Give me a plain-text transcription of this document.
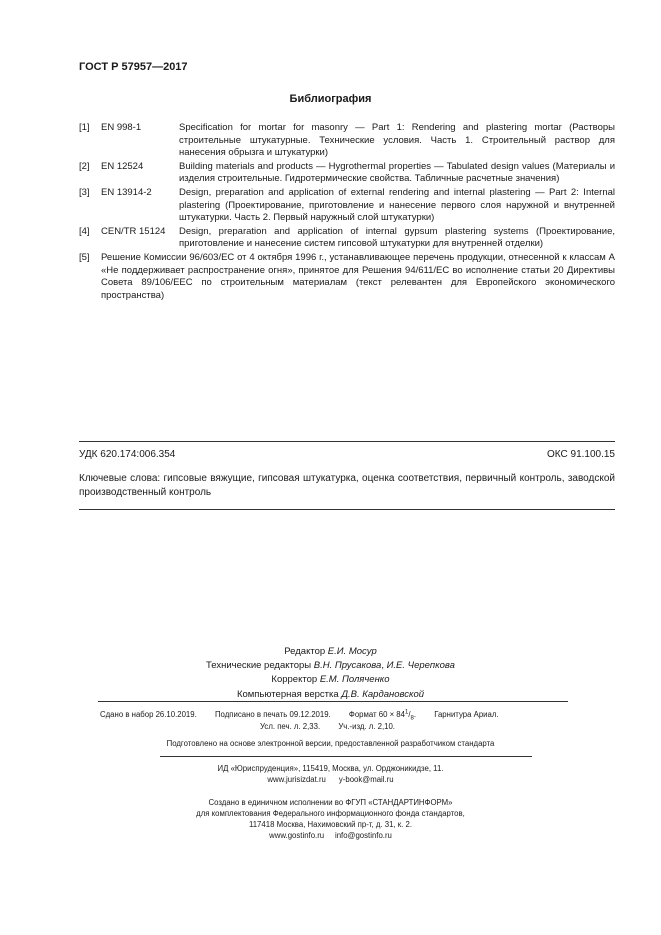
ГОСТ Р 57957—2017
Библиография
[1] EN 998-1	Specification for mortar for masonry — Part 1: Rendering and plastering mortar (Растворы строительные штукатурные. Технические условия. Часть 1. Строительный раствор для нанесения обрызга и штукатурки)
[2] EN 12524	Building materials and products — Hygrothermal properties — Tabulated design values (Материалы и изделия строительные. Гидротермические свойства. Табличные расчетные значения)
[3] EN 13914-2	Design, preparation and application of external rendering and internal plastering — Part 2: Internal plastering (Проектирование, приготовление и нанесение первого слоя наружной и внутренней штукатурки. Часть 2. Первый наружный слой штукатурки)
[4] CEN/TR 15124 Design, preparation and application of internal gypsum plastering systems (Проектирование, приготовление и нанесение систем гипсовой штукатурки для внутренней отделки)
[5] Решение Комиссии 96/603/ЕС от 4 октября 1996 г., устанавливающее перечень продукции, отнесенной к классам А «Не поддерживает распространение огня», принятое для Решения 94/611/ЕС во исполнение статьи 20 Директивы Совета 89/106/ЕЕС по строительным материалам (текст релевантен для Европейского экономического пространства)
УДК 620.174:006.354	ОКС 91.100.15
Ключевые слова: гипсовые вяжущие, гипсовая штукатурка, оценка соответствия, первичный контроль, заводской производственный контроль
Редактор Е.И. Мосур
Технические редакторы В.Н. Прусакова, И.Е. Черепкова
Корректор Е.М. Поляченко
Компьютерная верстка Д.В. Кардановской
Сдано в набор 26.10.2019. Подписано в печать 09.12.2019. Формат $60 \times 84^1/_8$. Гарнитура Ариал.
Усл. печ. л. 2,33. Уч.-изд. л. 2,10.
Подготовлено на основе электронной версии, предоставленной разработчиком стандарта
ИД «Юриспруденция», 115419, Москва, ул. Орджоникидзе, 11.
www.jurisizdat.ru y-book@mail.ru
Создано в единичном исполнении во ФГУП «СТАНДАРТИНФОРМ»
для комплектования Федерального информационного фонда стандартов,
117418 Москва, Нахимовский пр-т, д. 31, к. 2.
www.gostinfo.ru info@gostinfo.ru
